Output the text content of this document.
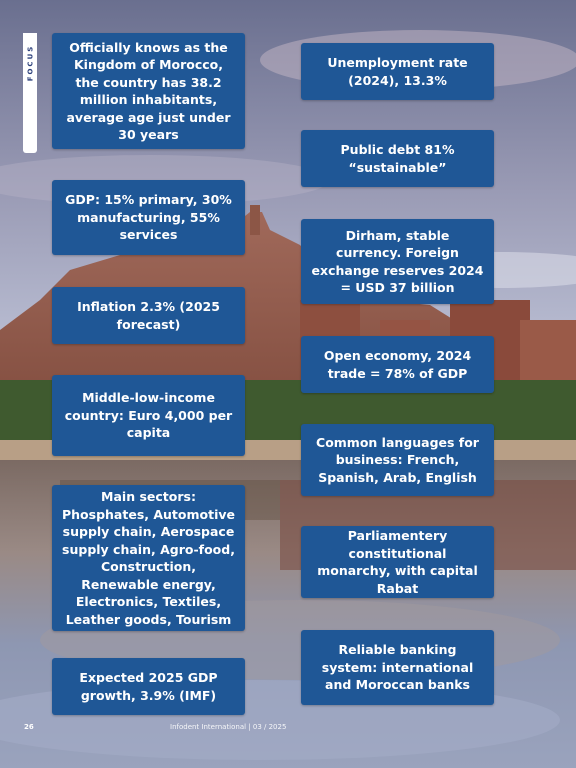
FOCUS	Officially knows as the Kingdom of Morocco, the country has 38.2 million inhabitants, average age just under 30 years
GDP: 15% primary, 30% manufacturing, 55% services
Inflation 2.3% (2025 forecast)
Middle-low-income country: Euro 4,000 per capita
Main sectors: Phosphates, Automotive supply chain, Aerospace supply chain, Agro-food, Construction, Renewable energy, Electronics, Textiles, Leather goods, Tourism
Expected 2025 GDP growth, 3.9% (IMF)
Unemployment rate (2024), 13.3%
Public debt 81% “sustainable”
Dirham, stable currency. Foreign exchange reserves 2024 = USD 37 billion
Open economy, 2024 trade = 78% of GDP
Common languages for business: French, Spanish, Arab, English
Parliamentery constitutional monarchy, with capital Rabat
Reliable banking system: international and Moroccan banks
26	Infodent International | 03 / 2025
